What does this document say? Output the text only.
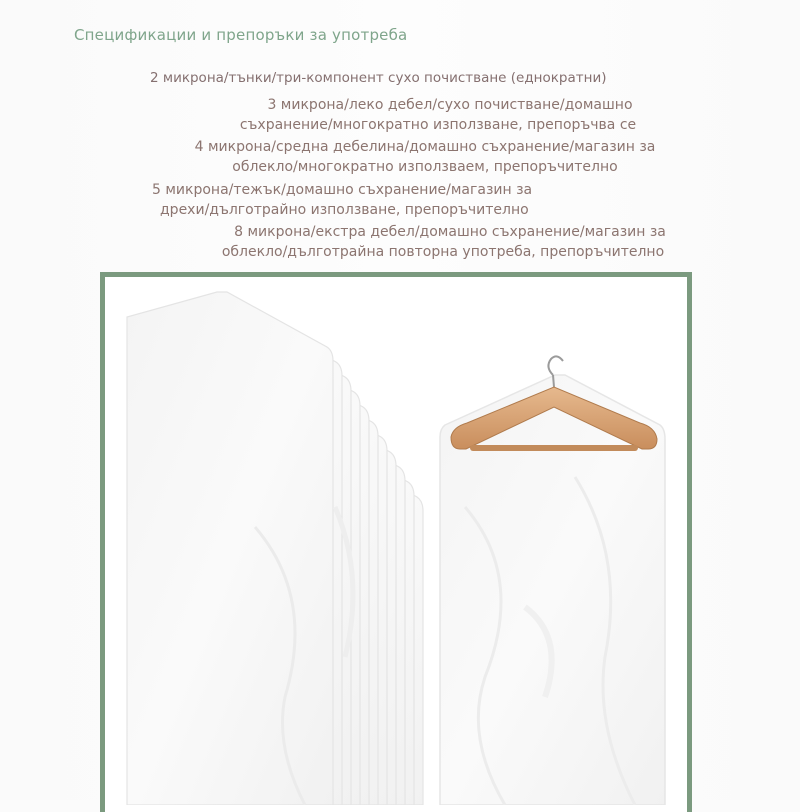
Спецификации и препоръки за употреба
2 микрона/тънки/три-компонент сухо почистване (еднократни)
3 микрона/леко дебел/сухо почистване/домашно
съхранение/многократно използване, препоръчва се
4 микрона/средна дебелина/домашно съхранение/магазин за
облекло/многократно използваем, препоръчително
5 микрона/тежък/домашно съхранение/магазин за
дрехи/дълготрайно използване, препоръчително
8 микрона/екстра дебел/домашно съхранение/магазин за
облекло/дълготрайна повторна употреба, препоръчително
